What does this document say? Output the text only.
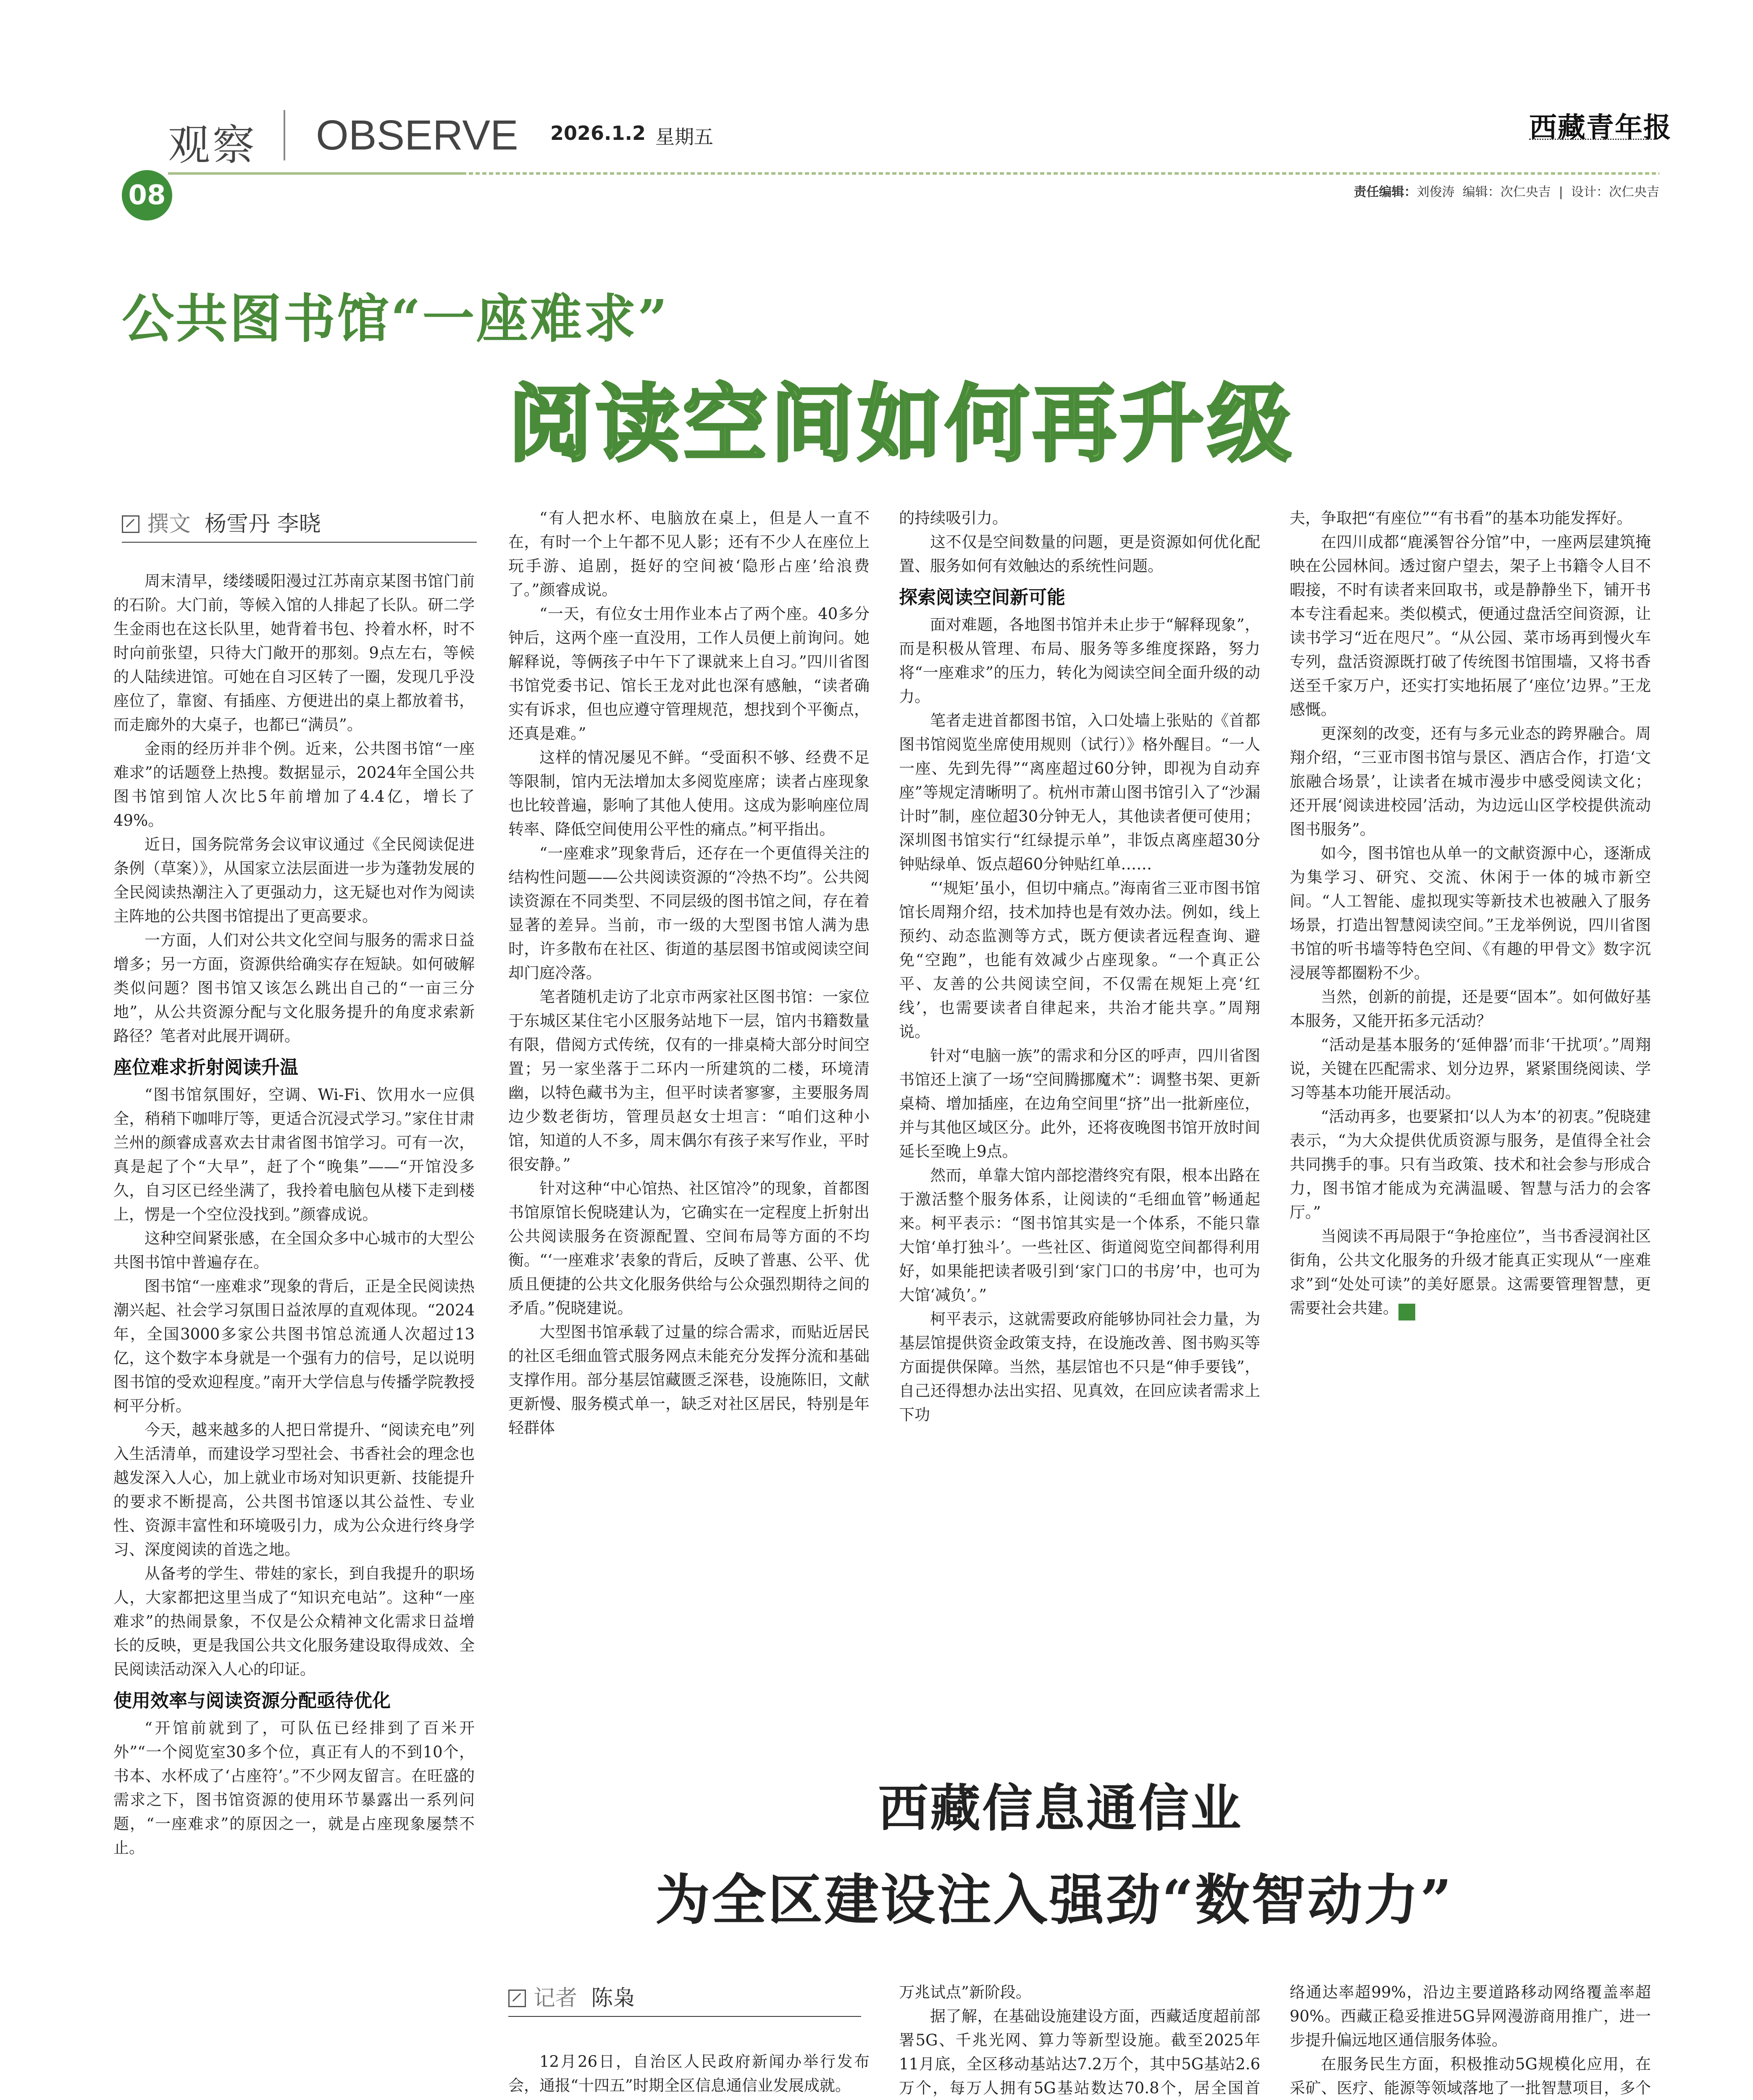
观察 OBSERVE 2026.1.2 星期五	西藏青年报
08	责任编辑：刘俊涛 编辑：次仁央吉  |  设计：次仁央吉
公共图书馆“一座难求”
阅读空间如何再升级
撰文 杨雪丹 李晓

周末清早，缕缕暖阳漫过江苏南京某图书馆门前的石阶。大门前，等候入馆的人排起了长队。研二学生金雨也在这长队里，她背着书包、拎着水杯，时不时向前张望，只待大门敞开的那刻。9点左右，等候的人陆续进馆。可她在自习区转了一圈，发现几乎没座位了，靠窗、有插座、方便进出的桌上都放着书，而走廊外的大桌子，也都已“满员”。

金雨的经历并非个例。近来，公共图书馆“一座难求”的话题登上热搜。数据显示，2024年全国公共图书馆到馆人次比5年前增加了4.4亿，增长了49%。

近日，国务院常务会议审议通过《全民阅读促进条例（草案）》，从国家立法层面进一步为蓬勃发展的全民阅读热潮注入了更强动力，这无疑也对作为阅读主阵地的公共图书馆提出了更高要求。

一方面，人们对公共文化空间与服务的需求日益增多；另一方面，资源供给确实存在短缺。如何破解类似问题？图书馆又该怎么跳出自己的“一亩三分地”，从公共资源分配与文化服务提升的角度求索新路径？笔者对此展开调研。

座位难求折射阅读升温

“图书馆氛围好，空调、Wi-Fi、饮用水一应俱全，稍稍下咖啡厅等，更适合沉浸式学习。”家住甘肃兰州的颜睿成喜欢去甘肃省图书馆学习。可有一次，真是起了个“大早”，赶了个“晚集”——“开馆没多久，自习区已经坐满了，我拎着电脑包从楼下走到楼上，愣是一个空位没找到。”颜睿成说。

这种空间紧张感，在全国众多中心城市的大型公共图书馆中普遍存在。

图书馆“一座难求”现象的背后，正是全民阅读热潮兴起、社会学习氛围日益浓厚的直观体现。“2024年，全国3000多家公共图书馆总流通人次超过13亿，这个数字本身就是一个强有力的信号，足以说明图书馆的受欢迎程度。”南开大学信息与传播学院教授柯平分析。

今天，越来越多的人把日常提升、“阅读充电”列入生活清单，而建设学习型社会、书香社会的理念也越发深入人心，加上就业市场对知识更新、技能提升的要求不断提高，公共图书馆逐以其公益性、专业性、资源丰富性和环境吸引力，成为公众进行终身学习、深度阅读的首选之地。

从备考的学生、带娃的家长，到自我提升的职场人，大家都把这里当成了“知识充电站”。这种“一座难求”的热闹景象，不仅是公众精神文化需求日益增长的反映，更是我国公共文化服务建设取得成效、全民阅读活动深入人心的印证。

使用效率与阅读资源分配亟待优化

“开馆前就到了，可队伍已经排到了百米开外”“一个阅览室30多个位，真正有人的不到10个，书本、水杯成了‘占座符’。”不少网友留言。在旺盛的需求之下，图书馆资源的使用环节暴露出一系列问题，“一座难求”的原因之一，就是占座现象屡禁不止。

“有人把水杯、电脑放在桌上，但是人一直不在，有时一个上午都不见人影；还有不少人在座位上玩手游、追剧，挺好的空间被‘隐形占座’给浪费了。”颜睿成说。

“一天，有位女士用作业本占了两个座。40多分钟后，这两个座一直没用，工作人员便上前询问。她解释说，等俩孩子中午下了课就来上自习。”四川省图书馆党委书记、馆长王龙对此也深有感触，“读者确实有诉求，但也应遵守管理规范，想找到个平衡点，还真是难。”

这样的情况屡见不鲜。“受面积不够、经费不足等限制，馆内无法增加太多阅览座席；读者占座现象也比较普遍，影响了其他人使用。这成为影响座位周转率、降低空间使用公平性的痛点。”柯平指出。

“一座难求”现象背后，还存在一个更值得关注的结构性问题——公共阅读资源的“冷热不均”。公共阅读资源在不同类型、不同层级的图书馆之间，存在着显著的差异。当前，市一级的大型图书馆人满为患时，许多散布在社区、街道的基层图书馆或阅读空间却门庭冷落。

笔者随机走访了北京市两家社区图书馆：一家位于东城区某住宅小区服务站地下一层，馆内书籍数量有限，借阅方式传统，仅有的一排桌椅大部分时间空置；另一家坐落于二环内一所建筑的二楼，环境清幽，以特色藏书为主，但平时读者寥寥，主要服务周边少数老街坊，管理员赵女士坦言：“咱们这种小馆，知道的人不多，周末偶尔有孩子来写作业，平时很安静。”

针对这种“中心馆热、社区馆冷”的现象，首都图书馆原馆长倪晓建认为，它确实在一定程度上折射出公共阅读服务在资源配置、空间布局等方面的不均衡。“‘一座难求’表象的背后，反映了普惠、公平、优质且便捷的公共文化服务供给与公众强烈期待之间的矛盾。”倪晓建说。

大型图书馆承载了过量的综合需求，而贴近居民的社区毛细血管式服务网点未能充分发挥分流和基础支撑作用。部分基层馆藏匮乏深巷，设施陈旧，文献更新慢、服务模式单一，缺乏对社区居民，特别是年轻群体

的持续吸引力。

这不仅是空间数量的问题，更是资源如何优化配置、服务如何有效触达的系统性问题。

探索阅读空间新可能

面对难题，各地图书馆并未止步于“解释现象”，而是积极从管理、布局、服务等多维度探路，努力将“一座难求”的压力，转化为阅读空间全面升级的动力。

笔者走进首都图书馆，入口处墙上张贴的《首都图书馆阅览坐席使用规则（试行）》格外醒目。“一人一座、先到先得”“离座超过60分钟，即视为自动弃座”等规定清晰明了。杭州市萧山图书馆引入了“沙漏计时”制，座位超30分钟无人，其他读者便可使用；深圳图书馆实行“红绿提示单”，非饭点离座超30分钟贴绿单、饭点超60分钟贴红单……

“‘规矩’虽小，但切中痛点。”海南省三亚市图书馆馆长周翔介绍，技术加持也是有效办法。例如，线上预约、动态监测等方式，既方便读者远程查询、避免“空跑”，也能有效减少占座现象。“一个真正公平、友善的公共阅读空间，不仅需在规矩上亮‘红线’，也需要读者自律起来，共治才能共享。”周翔说。

针对“电脑一族”的需求和分区的呼声，四川省图书馆还上演了一场“空间腾挪魔术”：调整书架、更新桌椅、增加插座，在边角空间里“挤”出一批新座位，并与其他区域区分。此外，还将夜晚图书馆开放时间延长至晚上9点。

然而，单靠大馆内部挖潜终究有限，根本出路在于激活整个服务体系，让阅读的“毛细血管”畅通起来。柯平表示：“图书馆其实是一个体系，不能只靠大馆‘单打独斗’。一些社区、街道阅览空间都得利用好，如果能把读者吸引到‘家门口的书房’中，也可为大馆‘减负’。”

柯平表示，这就需要政府能够协同社会力量，为基层馆提供资金政策支持，在设施改善、图书购买等方面提供保障。当然，基层馆也不只是“伸手要钱”，自己还得想办法出实招、见真效，在回应读者需求上下功

夫，争取把“有座位”“有书看”的基本功能发挥好。

在四川成都“鹿溪智谷分馆”中，一座两层建筑掩映在公园林间。透过窗户望去，架子上书籍令人目不暇接，不时有读者来回取书，或是静静坐下，铺开书本专注看起来。类似模式，便通过盘活空间资源，让读书学习“近在咫尺”。“从公园、菜市场再到慢火车专列，盘活资源既打破了传统图书馆围墙，又将书香送至千家万户，还实打实地拓展了‘座位’边界。”王龙感慨。

更深刻的改变，还有与多元业态的跨界融合。周翔介绍，“三亚市图书馆与景区、酒店合作，打造‘文旅融合场景’，让读者在城市漫步中感受阅读文化；还开展‘阅读进校园’活动，为边远山区学校提供流动图书服务”。

如今，图书馆也从单一的文献资源中心，逐渐成为集学习、研究、交流、休闲于一体的城市新空间。“人工智能、虚拟现实等新技术也被融入了服务场景，打造出智慧阅读空间。”王龙举例说，四川省图书馆的听书墙等特色空间、《有趣的甲骨文》数字沉浸展等都圈粉不少。

当然，创新的前提，还是要“固本”。如何做好基本服务，又能开拓多元活动？

“活动是基本服务的‘延伸器’而非‘干扰项’。”周翔说，关键在匹配需求、划分边界，紧紧围绕阅读、学习等基本功能开展活动。

“活动再多，也要紧扣‘以人为本’的初衷。”倪晓建表示，“为大众提供优质资源与服务，是值得全社会共同携手的事。只有当政策、技术和社会参与形成合力，图书馆才能成为充满温暖、智慧与活力的会客厅。”

当阅读不再局限于“争抢座位”，当书香浸润社区街角，公共文化服务的升级才能真正实现从“一座难求”到“处处可读”的美好愿景。这需要管理智慧，更需要社会共建。 青

西藏信息通信业
为全区建设注入强劲“数智动力”
记者 陈枭

12月26日，自治区人民政府新闻办举行发布会，通报“十四五”时期全区信息通信业发展成就。

万兆试点”新阶段。

据了解，在基础设施建设方面，西藏适度超前部署5G、千兆光网、算力等新型设施。截至2025年11月底，全区移动基站达7.2万个，其中5G基站2.6万个，每万人拥有5G基站数达70.8个，居全国首

络通达率超99%，沿边主要道路移动网络覆盖率超90%。西藏正稳妥推进5G异网漫游商用推广，进一步提升偏远地区通信服务体验。

在服务民生方面，积极推动5G规模化应用，在采矿、医疗、能源等领域落地了一批智慧项目，多个
